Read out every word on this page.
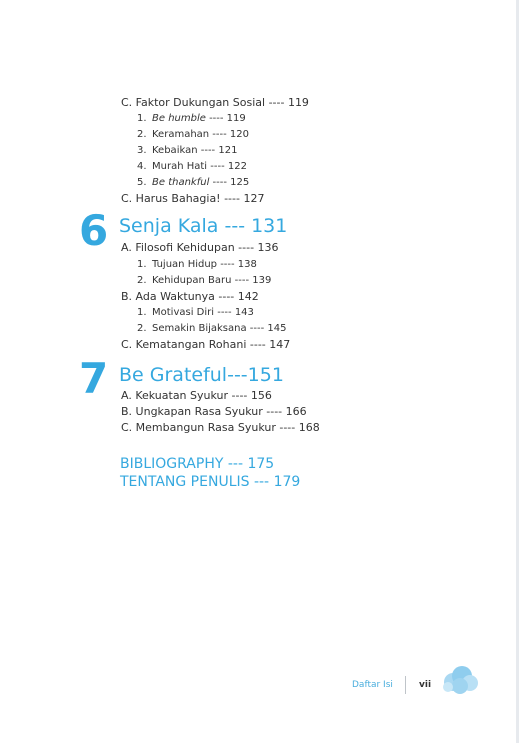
C. Faktor Dukungan Sosial ---- 119
1. Be humble ---- 119
2. Keramahan ---- 120
3. Kebaikan ---- 121
4. Murah Hati ---- 122
5. Be thankful ---- 125
C. Harus Bahagia! ---- 127
6 Senja Kala --- 131
A. Filosofi Kehidupan ---- 136
1. Tujuan Hidup ---- 138
2. Kehidupan Baru ---- 139
B. Ada Waktunya ---- 142
1. Motivasi Diri ---- 143
2. Semakin Bijaksana ---- 145
C. Kematangan Rohani ---- 147
7 Be Grateful---151
A. Kekuatan Syukur ---- 156
B. Ungkapan Rasa Syukur ---- 166
C. Membangun Rasa Syukur ---- 168
BIBLIOGRAPHY --- 175
TENTANG PENULIS --- 179
Daftar Isi	vii
